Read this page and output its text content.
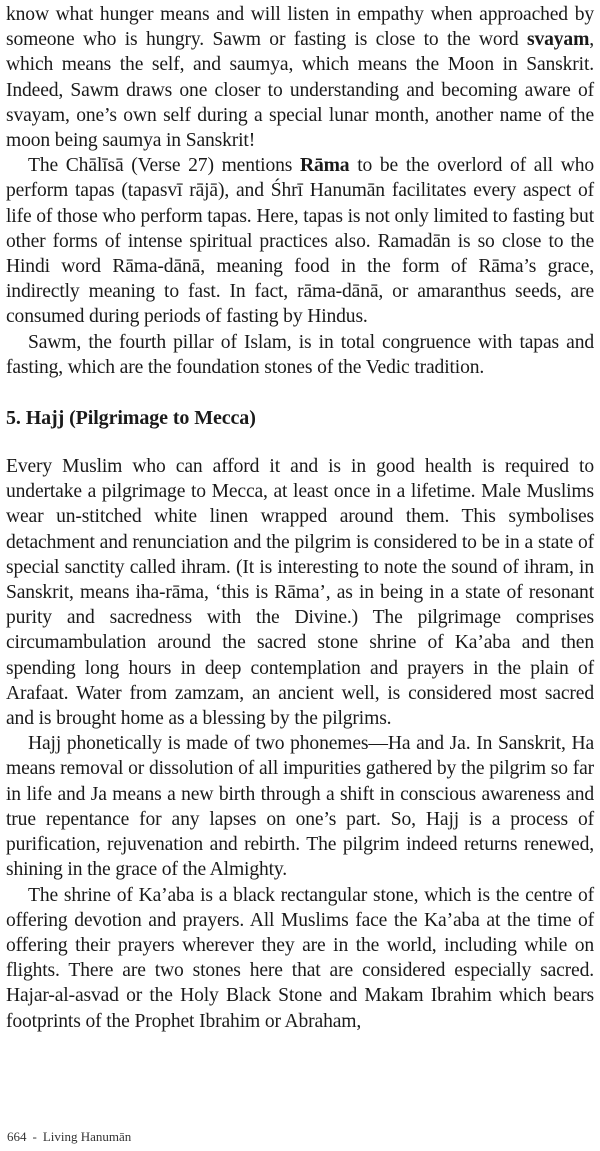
know what hunger means and will listen in empathy when approached by someone who is hungry. Sawm or fasting is close to the word svayam, which means the self, and saumya, which means the Moon in Sanskrit. Indeed, Sawm draws one closer to understanding and becoming aware of svayam, one’s own self during a special lunar month, another name of the moon being saumya in Sanskrit!

The Chālīsā (Verse 27) mentions Rāma to be the overlord of all who perform tapas (tapasvī rājā), and Śhrī Hanumān facilitates every aspect of life of those who perform tapas. Here, tapas is not only limited to fasting but other forms of intense spiritual practices also. Ramadān is so close to the Hindi word Rāma-dānā, meaning food in the form of Rāma’s grace, indirectly meaning to fast. In fact, rāma-dānā, or amaranthus seeds, are consumed during periods of fasting by Hindus.

Sawm, the fourth pillar of Islam, is in total congruence with tapas and fasting, which are the foundation stones of the Vedic tradition.

5. Hajj (Pilgrimage to Mecca)

Every Muslim who can afford it and is in good health is required to undertake a pilgrimage to Mecca, at least once in a lifetime. Male Muslims wear un-stitched white linen wrapped around them. This symbolises detachment and renunciation and the pilgrim is considered to be in a state of special sanctity called ihram. (It is interesting to note the sound of ihram, in Sanskrit, means iha-rāma, ‘this is Rāma’, as in being in a state of resonant purity and sacredness with the Divine.) The pilgrimage comprises circumambulation around the sacred stone shrine of Ka’aba and then spending long hours in deep contemplation and prayers in the plain of Arafaat. Water from zamzam, an ancient well, is considered most sacred and is brought home as a blessing by the pilgrims.

Hajj phonetically is made of two phonemes—Ha and Ja. In Sanskrit, Ha means removal or dissolution of all impurities gathered by the pilgrim so far in life and Ja means a new birth through a shift in conscious awareness and true repentance for any lapses on one’s part. So, Hajj is a process of purification, rejuvenation and rebirth. The pilgrim indeed returns renewed, shining in the grace of the Almighty.

The shrine of Ka’aba is a black rectangular stone, which is the centre of offering devotion and prayers. All Muslims face the Ka’aba at the time of offering their prayers wherever they are in the world, including while on flights. There are two stones here that are considered especially sacred. Hajar-al-asvad or the Holy Black Stone and Makam Ibrahim which bears footprints of the Prophet Ibrahim or Abraham,

664 - Living Hanumān
